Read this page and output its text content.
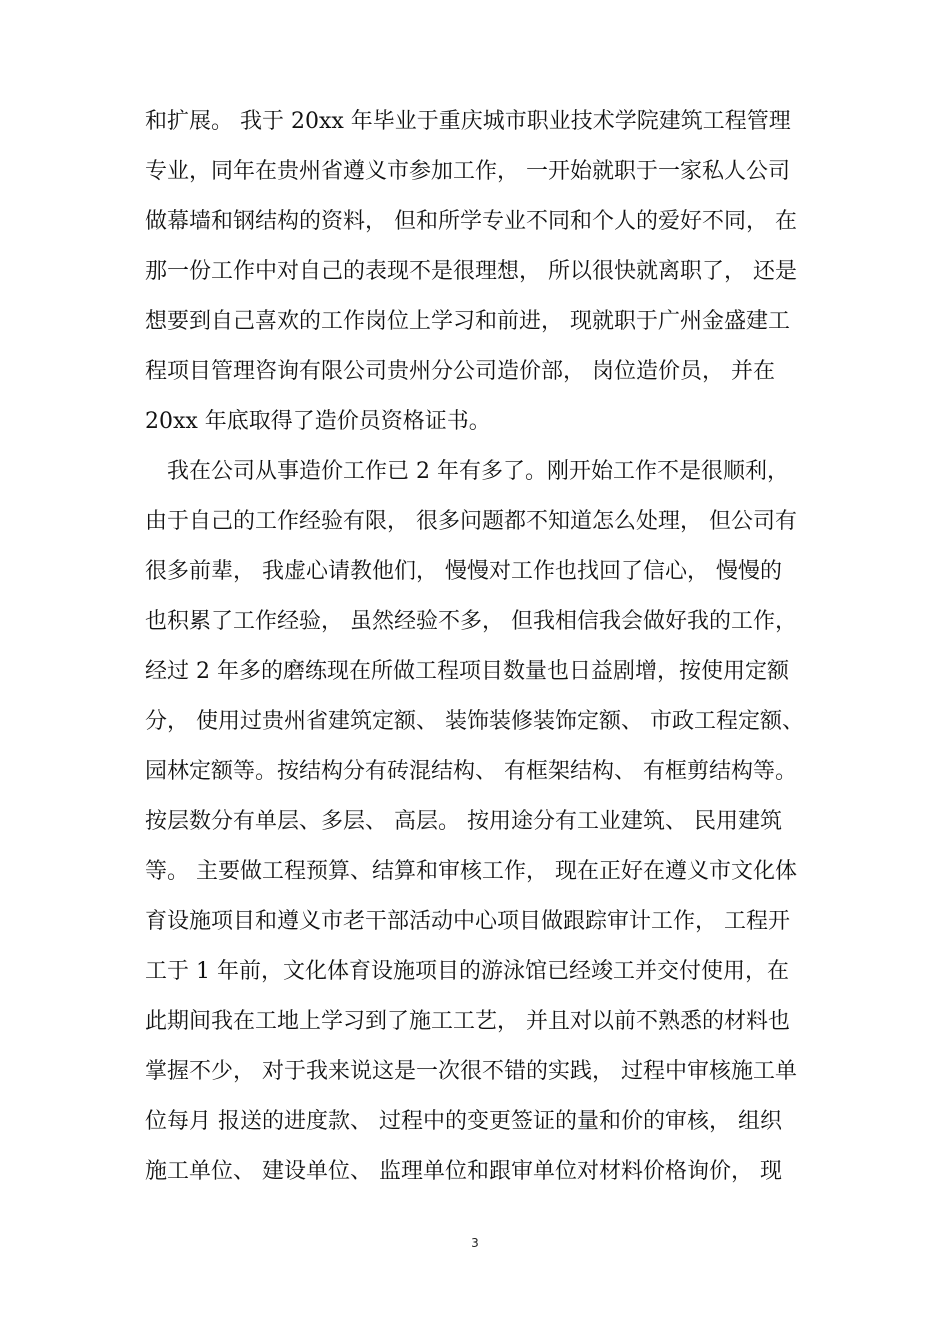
和扩展。 我于 20xx 年毕业于重庆城市职业技术学院建筑工程管理
专业，同年在贵州省遵义市参加工作， 一开始就职于一家私人公司
做幕墙和钢结构的资料， 但和所学专业不同和个人的爱好不同， 在
那一份工作中对自己的表现不是很理想， 所以很快就离职了， 还是
想要到自己喜欢的工作岗位上学习和前进， 现就职于广州金盛建工
程项目管理咨询有限公司贵州分公司造价部， 岗位造价员， 并在
20xx 年底取得了造价员资格证书。
　我在公司从事造价工作已 2 年有多了。刚开始工作不是很顺利，
由于自己的工作经验有限， 很多问题都不知道怎么处理， 但公司有
很多前辈， 我虚心请教他们， 慢慢对工作也找回了信心， 慢慢的
也积累了工作经验， 虽然经验不多， 但我相信我会做好我的工作，
经过 2 年多的磨练现在所做工程项目数量也日益剧增，按使用定额
分， 使用过贵州省建筑定额、 装饰装修装饰定额、 市政工程定额、
园林定额等。按结构分有砖混结构、 有框架结构、 有框剪结构等。
按层数分有单层、多层、 高层。 按用途分有工业建筑、 民用建筑
等。 主要做工程预算、结算和审核工作， 现在正好在遵义市文化体
育设施项目和遵义市老干部活动中心项目做跟踪审计工作， 工程开
工于 1 年前，文化体育设施项目的游泳馆已经竣工并交付使用，在
此期间我在工地上学习到了施工工艺， 并且对以前不熟悉的材料也
掌握不少， 对于我来说这是一次很不错的实践， 过程中审核施工单
位每月 报送的进度款、 过程中的变更签证的量和价的审核， 组织
施工单位、 建设单位、 监理单位和跟审单位对材料价格询价， 现
3
